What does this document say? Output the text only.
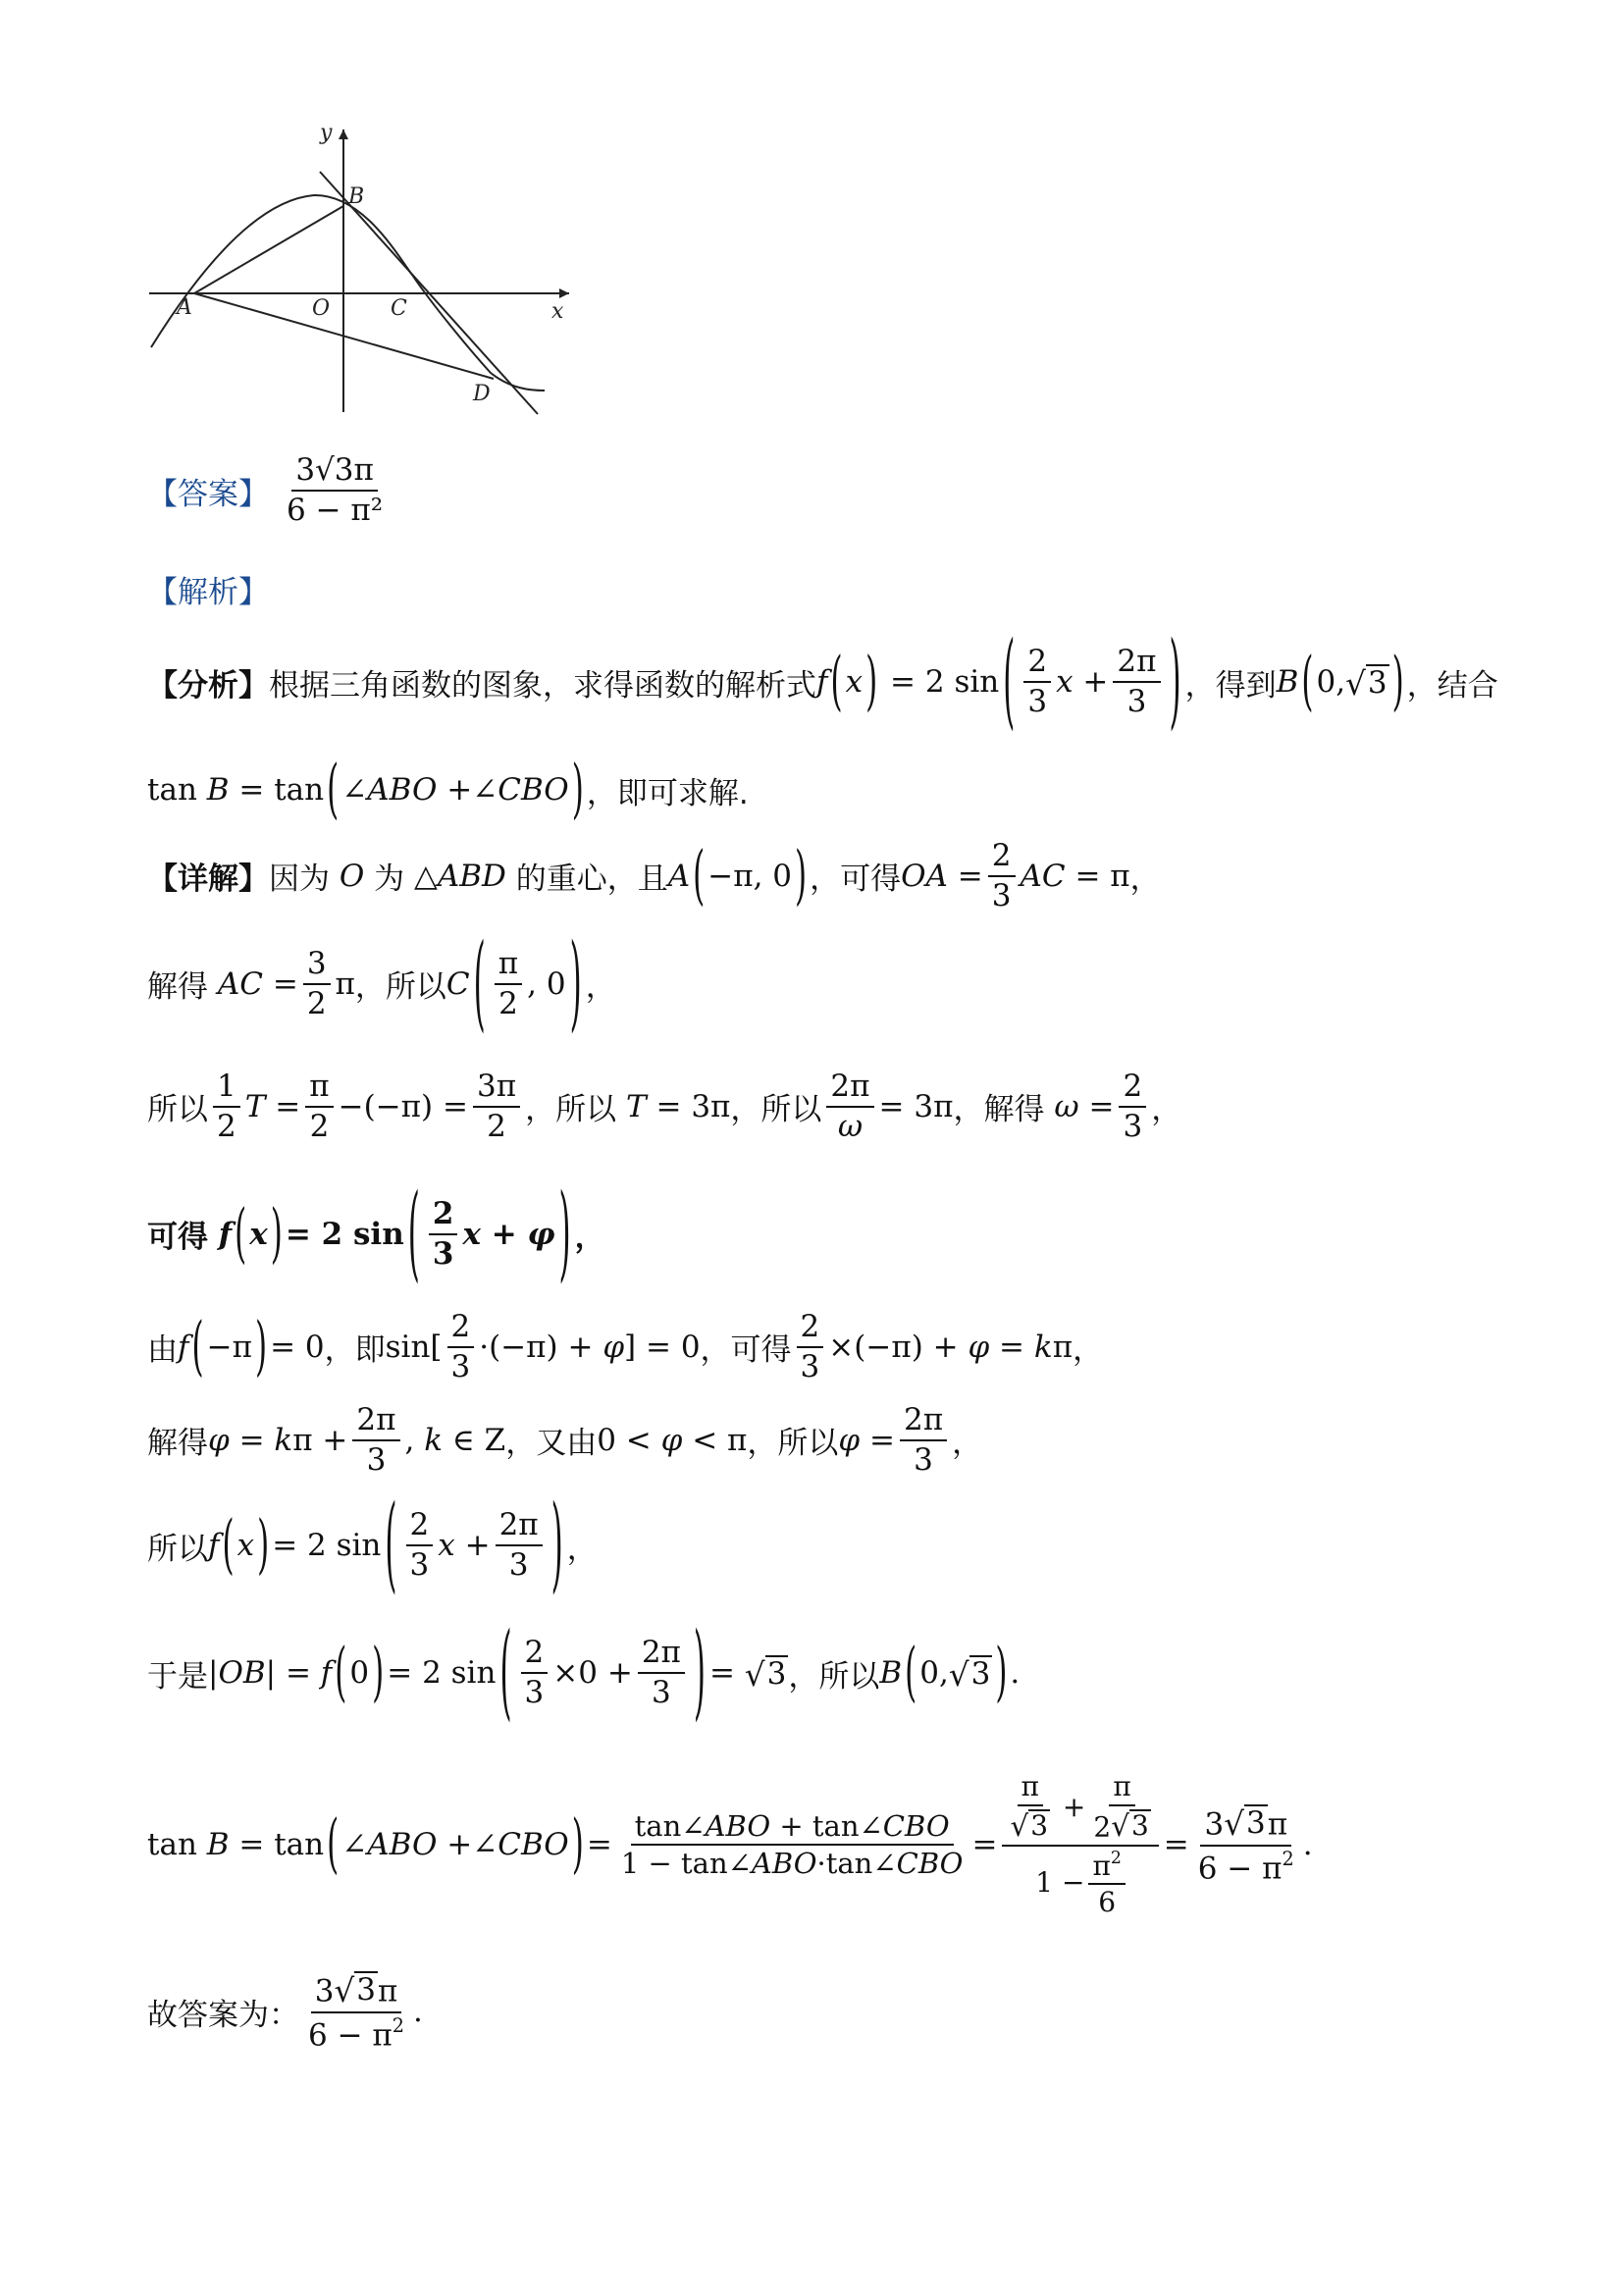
y
x
A
B
C
D
O
【答案】 $\frac{3√3\pi}{\text{6 − π²}}$
【解析】
【分析】 根据三角函数的图象，求得函数的解析式 f ( x ) = 2 sin ( $\frac{2}{3}$ $x + \frac{2\pi}{3}$ ) ，得到 B ( 0, √ 3 ) ，结合
tan B = tan ( ∠ ABO +∠ CBO ) ，即可求解.
【详解】 因为 O 为 △ ABD
的重心，且 A ( −π, 0 ) ，可得 OA = $\frac{2}{3}$ AC = π ，
解得
AC = $\frac{3}{2}$ π ，所以 C ( $\frac{\pi}{2}$ , 0 ) ，
所以 $\frac{1}{2}$ $T = \frac{\pi}{2} -(-\pi) = \frac{3\pi}{2}$ ，所以
T = 3π ，所以 $\frac{2\pi}{\omega} = 3\pi$ ，解得
$\omega = \frac{2}{3}$ ，
可得
f ( x ) = 2 sin ( $\frac{2}{3}$ x + φ ) ，
由 f ( −π ) = 0 ，即 $\sin[ \frac{2}{3} \cdot(-\pi) + \varphi$ ] = 0 ，可得 $\frac{2}{3} \times(-\pi) + \varphi = k$ π ，
解得 φ = k $\pi + \frac{2\pi}{3}$ , k ∈ Z ，又由 0 < φ < π ，所以 $\varphi = \frac{2\pi}{3}$ ，
所以 f ( x ) = 2 sin ( $\frac{2}{3}$ $x + \frac{2\pi}{3}$ ) ，
于是 | OB | = f ( 0 ) = 2 sin ( $\frac{2}{3} \times 0 + \frac{2\pi}{3}$ ) = √ 3 ，所以 B ( 0, √ 3 ) .
tan B = tan ( ∠ ABO +∠ CBO ) = $\frac{\text{tan∠ABO + tan∠CBO}}{\text{1 − tan∠ABO·tan∠CBO}} = \frac{\frac{\pi}{√ 3} + \frac{\pi}{2 √ 3}}{1 - \frac{\pi^2}{6}} = \frac{3 √ 3 \pi}{6 - \pi^2}$ .
故答案为： $\frac{3 √ 3 \pi}{6 - \pi^2}$ .
